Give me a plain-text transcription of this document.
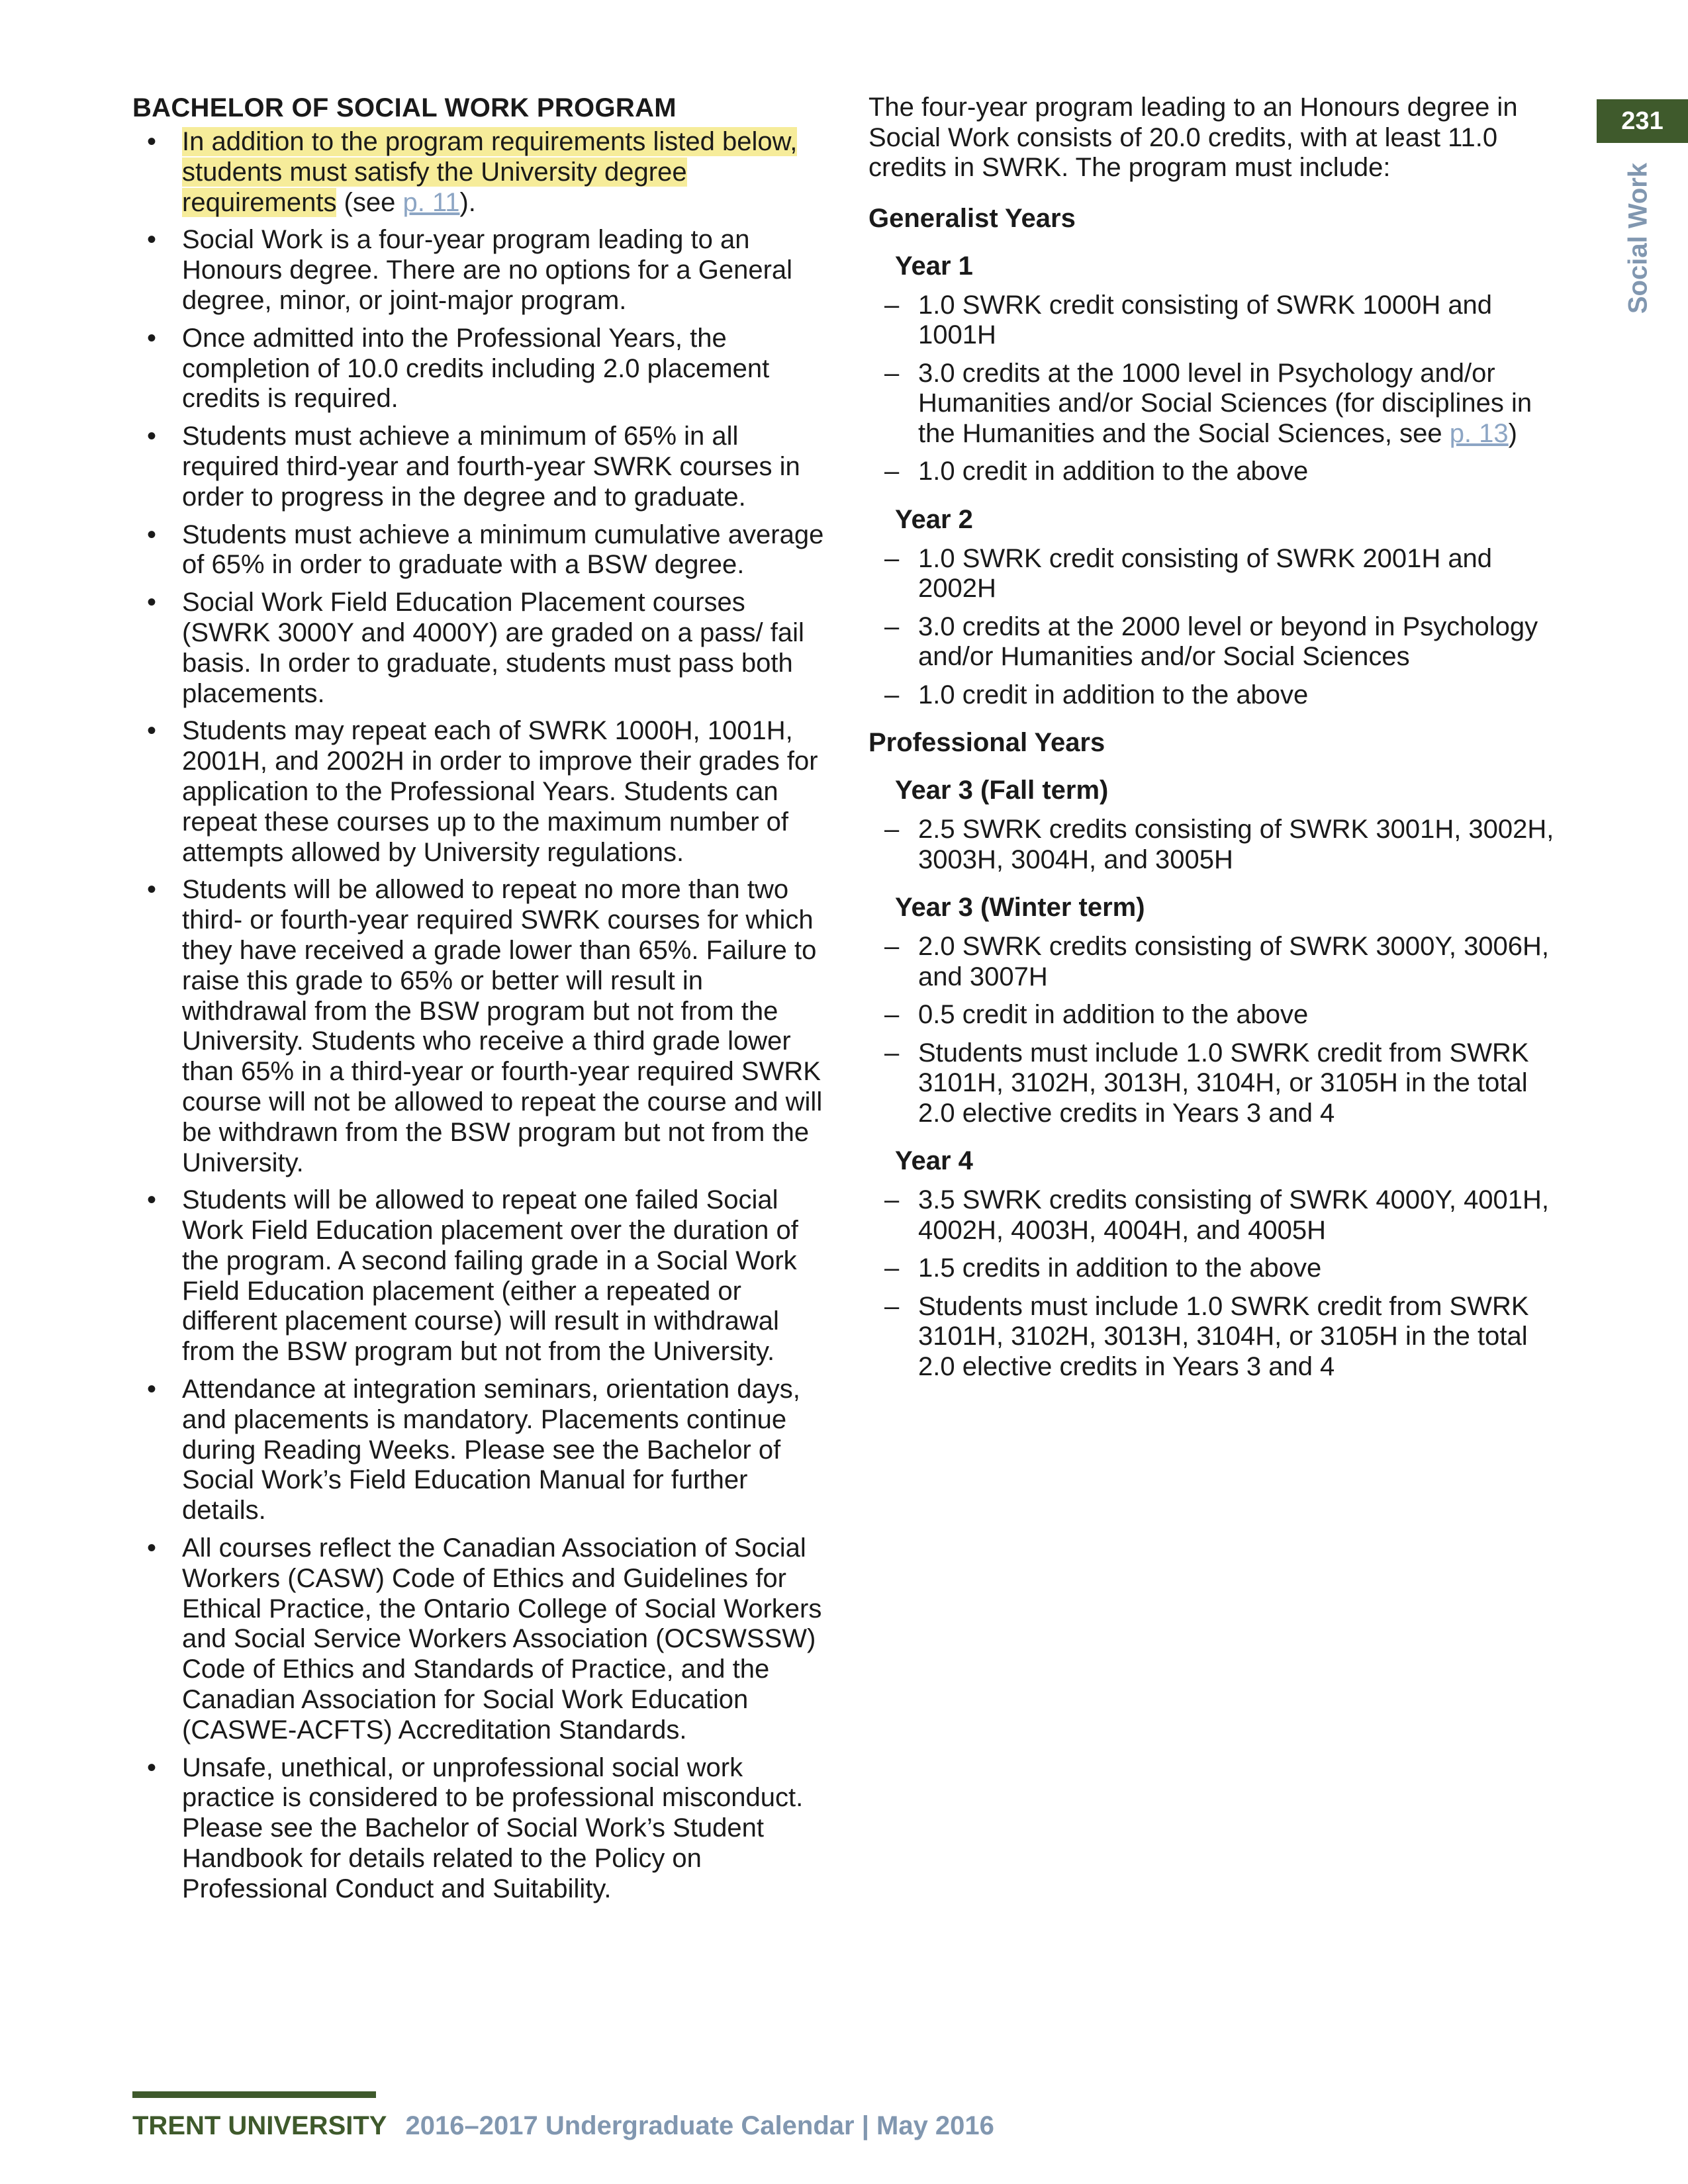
231
Social Work
BACHELOR OF SOCIAL WORK PROGRAM
• In addition to the program requirements listed below, students must satisfy the University degree requirements (see p. 11).
• Social Work is a four-year program leading to an Honours degree. There are no options for a General degree, minor, or joint-major program.
• Once admitted into the Professional Years, the completion of 10.0 credits including 2.0 placement credits is required.
• Students must achieve a minimum of 65% in all required third-year and fourth-year SWRK courses in order to progress in the degree and to graduate.
• Students must achieve a minimum cumulative average of 65% in order to graduate with a BSW degree.
• Social Work Field Education Placement courses (SWRK 3000Y and 4000Y) are graded on a pass/ fail basis. In order to graduate, students must pass both placements.
• Students may repeat each of SWRK 1000H, 1001H, 2001H, and 2002H in order to improve their grades for application to the Professional Years. Students can repeat these courses up to the maximum number of attempts allowed by University regulations.
• Students will be allowed to repeat no more than two third- or fourth-year required SWRK courses for which they have received a grade lower than 65%. Failure to raise this grade to 65% or better will result in withdrawal from the BSW program but not from the University. Students who receive a third grade lower than 65% in a third-year or fourth-year required SWRK course will not be allowed to repeat the course and will be withdrawn from the BSW program but not from the University.
• Students will be allowed to repeat one failed Social Work Field Education placement over the duration of the program. A second failing grade in a Social Work Field Education placement (either a repeated or different placement course) will result in withdrawal from the BSW program but not from the University.
• Attendance at integration seminars, orientation days, and placements is mandatory. Placements continue during Reading Weeks. Please see the Bachelor of Social Work’s Field Education Manual for further details.
• All courses reflect the Canadian Association of Social Workers (CASW) Code of Ethics and Guidelines for Ethical Practice, the Ontario College of Social Workers and Social Service Workers Association (OCSWSSW) Code of Ethics and Standards of Practice, and the Canadian Association for Social Work Education (CASWE-ACFTS) Accreditation Standards.
• Unsafe, unethical, or unprofessional social work practice is considered to be professional misconduct. Please see the Bachelor of Social Work’s Student Handbook for details related to the Policy on Professional Conduct and Suitability.

The four-year program leading to an Honours degree in Social Work consists of 20.0 credits, with at least 11.0 credits in SWRK. The program must include:

Generalist Years
Year 1
– 1.0 SWRK credit consisting of SWRK 1000H and 1001H
– 3.0 credits at the 1000 level in Psychology and/or Humanities and/or Social Sciences (for disciplines in the Humanities and the Social Sciences, see p. 13)
– 1.0 credit in addition to the above
Year 2
– 1.0 SWRK credit consisting of SWRK 2001H and 2002H
– 3.0 credits at the 2000 level or beyond in Psychology and/or Humanities and/or Social Sciences
– 1.0 credit in addition to the above
Professional Years
Year 3 (Fall term)
– 2.5 SWRK credits consisting of SWRK 3001H, 3002H, 3003H, 3004H, and 3005H
Year 3 (Winter term)
– 2.0 SWRK credits consisting of SWRK 3000Y, 3006H, and 3007H
– 0.5 credit in addition to the above
– Students must include 1.0 SWRK credit from SWRK 3101H, 3102H, 3013H, 3104H, or 3105H in the total 2.0 elective credits in Years 3 and 4
Year 4
– 3.5 SWRK credits consisting of SWRK 4000Y, 4001H, 4002H, 4003H, 4004H, and 4005H
– 1.5 credits in addition to the above
– Students must include 1.0 SWRK credit from SWRK 3101H, 3102H, 3013H, 3104H, or 3105H in the total 2.0 elective credits in Years 3 and 4
TRENT UNIVERSITY 2016–2017 Undergraduate Calendar | May 2016
